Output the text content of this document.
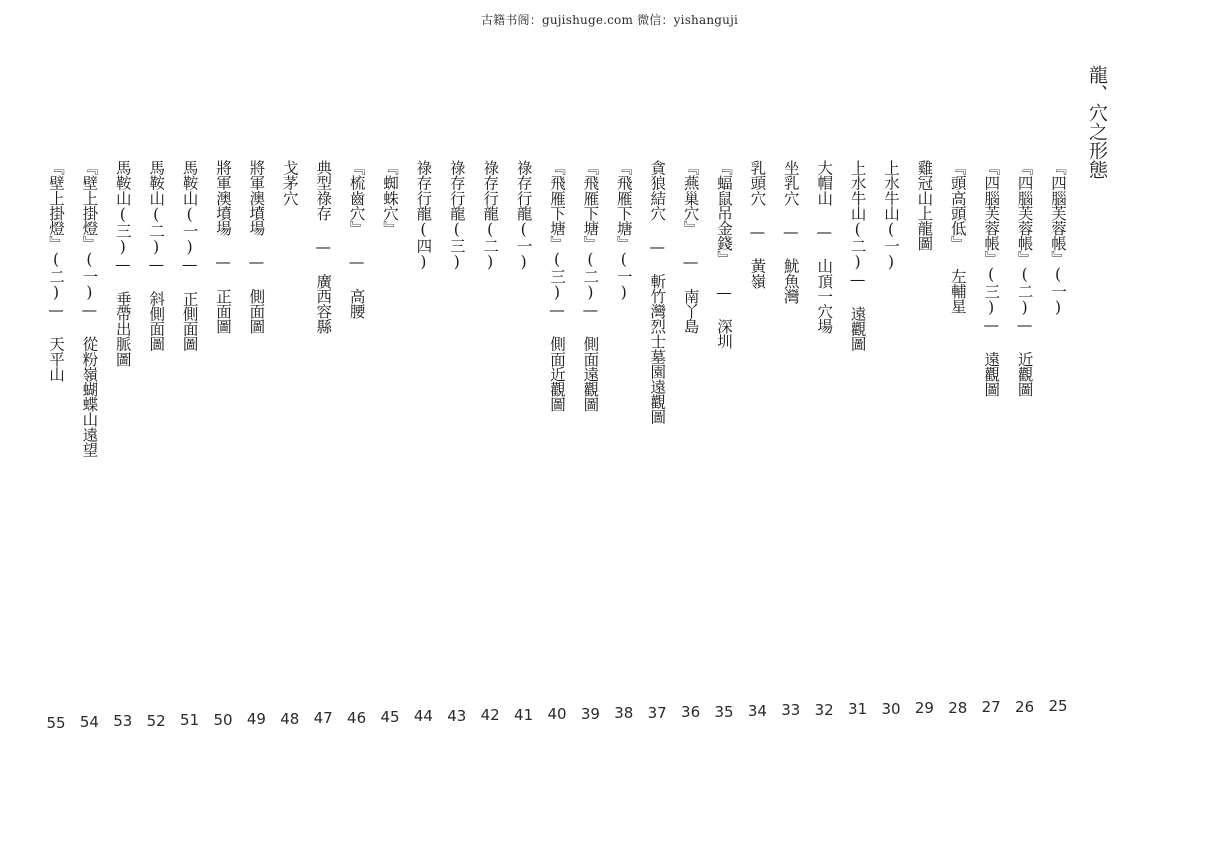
古籍书阁：gujishuge.com 微信：yishanguji
龍、穴之形態
『四腦芙蓉帳』(一)
25
『四腦芙蓉帳』(二)— 近觀圖
26
『四腦芙蓉帳』(三)— 遠觀圖
27
『頭高頭低』 左輔星
28
雞冠山上龍圖
29
上水牛山(一)
30
上水牛山(二)— 遠觀圖
31
大帽山 — 山頂一穴場
32
坐乳穴 — 魷魚灣
33
乳頭穴 — 黃嶺
34
『蝠鼠吊金錢』 — 深圳
35
『燕巢穴』 — 南丫島
36
貪狼結穴 — 斬竹灣烈士墓園遠觀圖
37
『飛雁下塘』(一)
38
『飛雁下塘』(二)— 側面遠觀圖
39
『飛雁下塘』(三)— 側面近觀圖
40
祿存行龍(一)
41
祿存行龍(二)
42
祿存行龍(三)
43
祿存行龍(四)
44
『蜘蛛穴』
45
『梳齒穴』 — 高腰
46
典型祿存 — 廣西容縣
47
戈茅穴
48
將軍澳墳場 — 側面圖
49
將軍澳墳場 — 正面圖
50
馬鞍山(一)— 正側面圖
51
馬鞍山(二)— 斜側面圖
52
馬鞍山(三)— 垂帶出脈圖
53
『壁上掛燈』(一)— 從粉嶺蝴蝶山遠望
54
『壁上掛燈』(二)— 天平山
55
